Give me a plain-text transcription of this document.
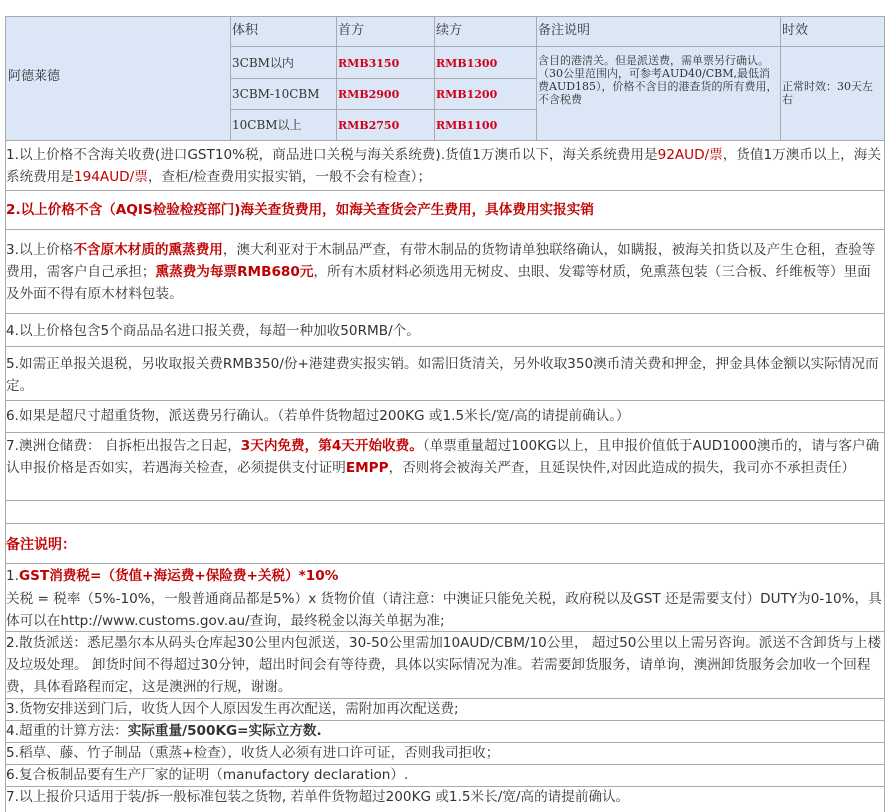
体积	首方	续方	备注说明	时效
阿德莱德
3CBM以内	RMB3150	RMB1300
3CBM-10CBM RMB2900	RMB1200
10CBM以上	RMB2750	RMB1100
含目的港清关。但是派送费，需单票另行确认。（30公里范围内，可参考AUD40/CBM,最低消费AUD185），价格不含目的港查货的所有费用，不含税费
正常时效：30天左右
1.以上价格不含海关收费(进口GST10%税，商品进口关税与海关系统费).货值1万澳币以下，海关系统费用是92AUD/票，货值1万澳币以上，海关系统费用是194AUD/票，查柜/检查费用实报实销，一般不会有检查）；
2.以上价格不含（AQIS检验检疫部门)海关查货费用，如海关查货会产生费用，具体费用实报实销
3.以上价格不含原木材质的熏蒸费用，澳大利亚对于木制品严查，有带木制品的货物请单独联络确认，如瞒报，被海关扣货以及产生仓租，查验等费用，需客户自己承担；熏蒸费为每票RMB680元，所有木质材料必须选用无树皮、虫眼、发霉等材质，免熏蒸包装（三合板、纤维板等）里面及外面不得有原木材料包装。
4.以上价格包含5个商品品名进口报关费，每超一种加收50RMB/个。
5.如需正单报关退税，另收取报关费RMB350/份+港建费实报实销。如需旧货清关，另外收取350澳币清关费和押金，押金具体金额以实际情况而定。
6.如果是超尺寸超重货物，派送费另行确认。（若单件货物超过200KG 或1.5米长/宽/高的请提前确认。）
7.澳洲仓储费： 自拆柜出报告之日起，3天内免费，第4天开始收费。（单票重量超过100KG以上，且申报价值低于AUD1000澳币的，请与客户确认申报价格是否如实，若遇海关检查，必须提供支付证明EMPP，否则将会被海关严查，且延误快件,对因此造成的损失，我司亦不承担责任）
备注说明：
1.GST消费税=（货值+海运费+保险费+关税）*10%
关税 = 税率（5%-10%，一般普通商品都是5%）x 货物价值（请注意：中澳证只能免关税，政府税以及GST 还是需要支付）DUTY为0-10%，具体可以在http://www.customs.gov.au/查询，最终税金以海关单据为准;
2.散货派送：悉尼墨尔本从码头仓库起30公里内包派送，30-50公里需加10AUD/CBM/10公里， 超过50公里以上需另咨询。派送不含卸货与上楼及垃圾处理。 卸货时间不得超过30分钟，超出时间会有等待费，具体以实际情况为准。若需要卸货服务，请单询，澳洲卸货服务会加收一个回程费，具体看路程而定，这是澳洲的行规，谢谢。
3.货物安排送到门后，收货人因个人原因发生再次配送，需附加再次配送费;
4.超重的计算方法：实际重量/500KG=实际立方数.
5.稻草、藤、竹子制品（熏蒸+检查），收货人必须有进口许可证，否则我司拒收；
6.复合板制品要有生产厂家的证明（manufactory declaration）.
7.以上报价只适用于装/拆一般标准包装之货物, 若单件货物超过200KG 或1.5米长/宽/高的请提前确认。
